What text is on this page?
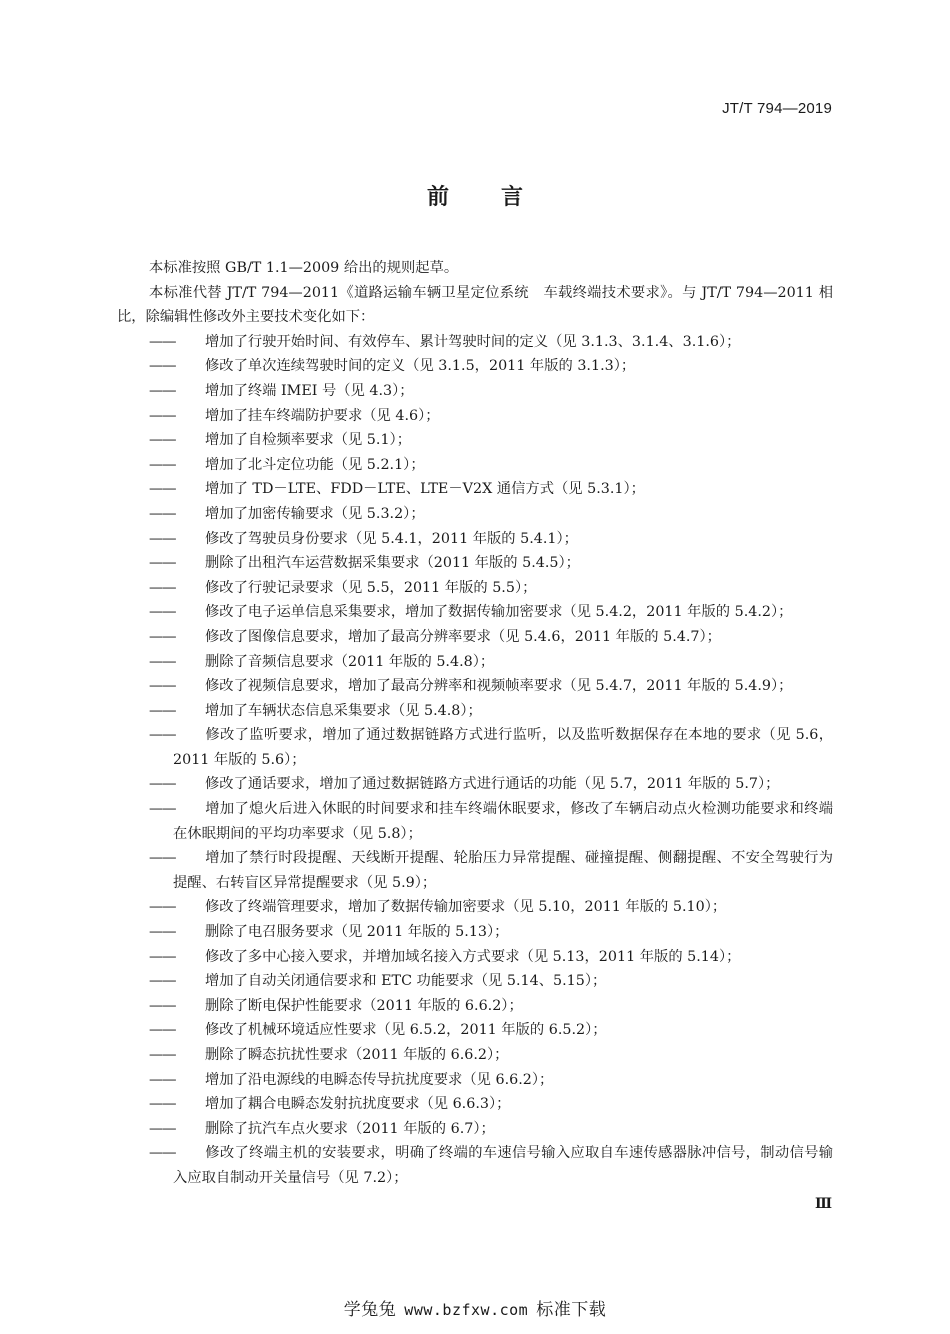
JT/T 794—2019
前言

本标准按照 GB/T 1.1—2009 给出的规则起草。

本标准代替 JT/T 794—2011《道路运输车辆卫星定位系统　车载终端技术要求》。与 JT/T 794—2011 相比，除编辑性修改外主要技术变化如下：

—— 增加了行驶开始时间、有效停车、累计驾驶时间的定义（见 3.1.3、3.1.4、3.1.6）；

—— 修改了单次连续驾驶时间的定义（见 3.1.5，2011 年版的 3.1.3）；

—— 增加了终端 IMEI 号（见 4.3）；

—— 增加了挂车终端防护要求（见 4.6）；

—— 增加了自检频率要求（见 5.1）；

—— 增加了北斗定位功能（见 5.2.1）；

—— 增加了 TD－LTE、FDD－LTE、LTE－V2X 通信方式（见 5.3.1）；

—— 增加了加密传输要求（见 5.3.2）；

—— 修改了驾驶员身份要求（见 5.4.1，2011 年版的 5.4.1）；

—— 删除了出租汽车运营数据采集要求（2011 年版的 5.4.5）；

—— 修改了行驶记录要求（见 5.5，2011 年版的 5.5）；

—— 修改了电子运单信息采集要求，增加了数据传输加密要求（见 5.4.2，2011 年版的 5.4.2）；

—— 修改了图像信息要求，增加了最高分辨率要求（见 5.4.6，2011 年版的 5.4.7）；

—— 删除了音频信息要求（2011 年版的 5.4.8）；

—— 修改了视频信息要求，增加了最高分辨率和视频帧率要求（见 5.4.7，2011 年版的 5.4.9）；

—— 增加了车辆状态信息采集要求（见 5.4.8）；

—— 修改了监听要求，增加了通过数据链路方式进行监听，以及监听数据保存在本地的要求（见 5.6，2011 年版的 5.6）；

—— 修改了通话要求，增加了通过数据链路方式进行通话的功能（见 5.7，2011 年版的 5.7）；

—— 增加了熄火后进入休眠的时间要求和挂车终端休眠要求，修改了车辆启动点火检测功能要求和终端在休眠期间的平均功率要求（见 5.8）；

—— 增加了禁行时段提醒、天线断开提醒、轮胎压力异常提醒、碰撞提醒、侧翻提醒、不安全驾驶行为提醒、右转盲区异常提醒要求（见 5.9）；

—— 修改了终端管理要求，增加了数据传输加密要求（见 5.10，2011 年版的 5.10）；

—— 删除了电召服务要求（见 2011 年版的 5.13）；

—— 修改了多中心接入要求，并增加域名接入方式要求（见 5.13，2011 年版的 5.14）；

—— 增加了自动关闭通信要求和 ETC 功能要求（见 5.14、5.15）；

—— 删除了断电保护性能要求（2011 年版的 6.6.2）；

—— 修改了机械环境适应性要求（见 6.5.2，2011 年版的 6.5.2）；

—— 删除了瞬态抗扰性要求（2011 年版的 6.6.2）；

—— 增加了沿电源线的电瞬态传导抗扰度要求（见 6.6.2）；

—— 增加了耦合电瞬态发射抗扰度要求（见 6.6.3）；

—— 删除了抗汽车点火要求（2011 年版的 6.7）；

—— 修改了终端主机的安装要求，明确了终端的车速信号输入应取自车速传感器脉冲信号，制动信号输入应取自制动开关量信号（见 7.2）；

Ⅲ
学兔兔 www.bzfxw.com 标准下载
